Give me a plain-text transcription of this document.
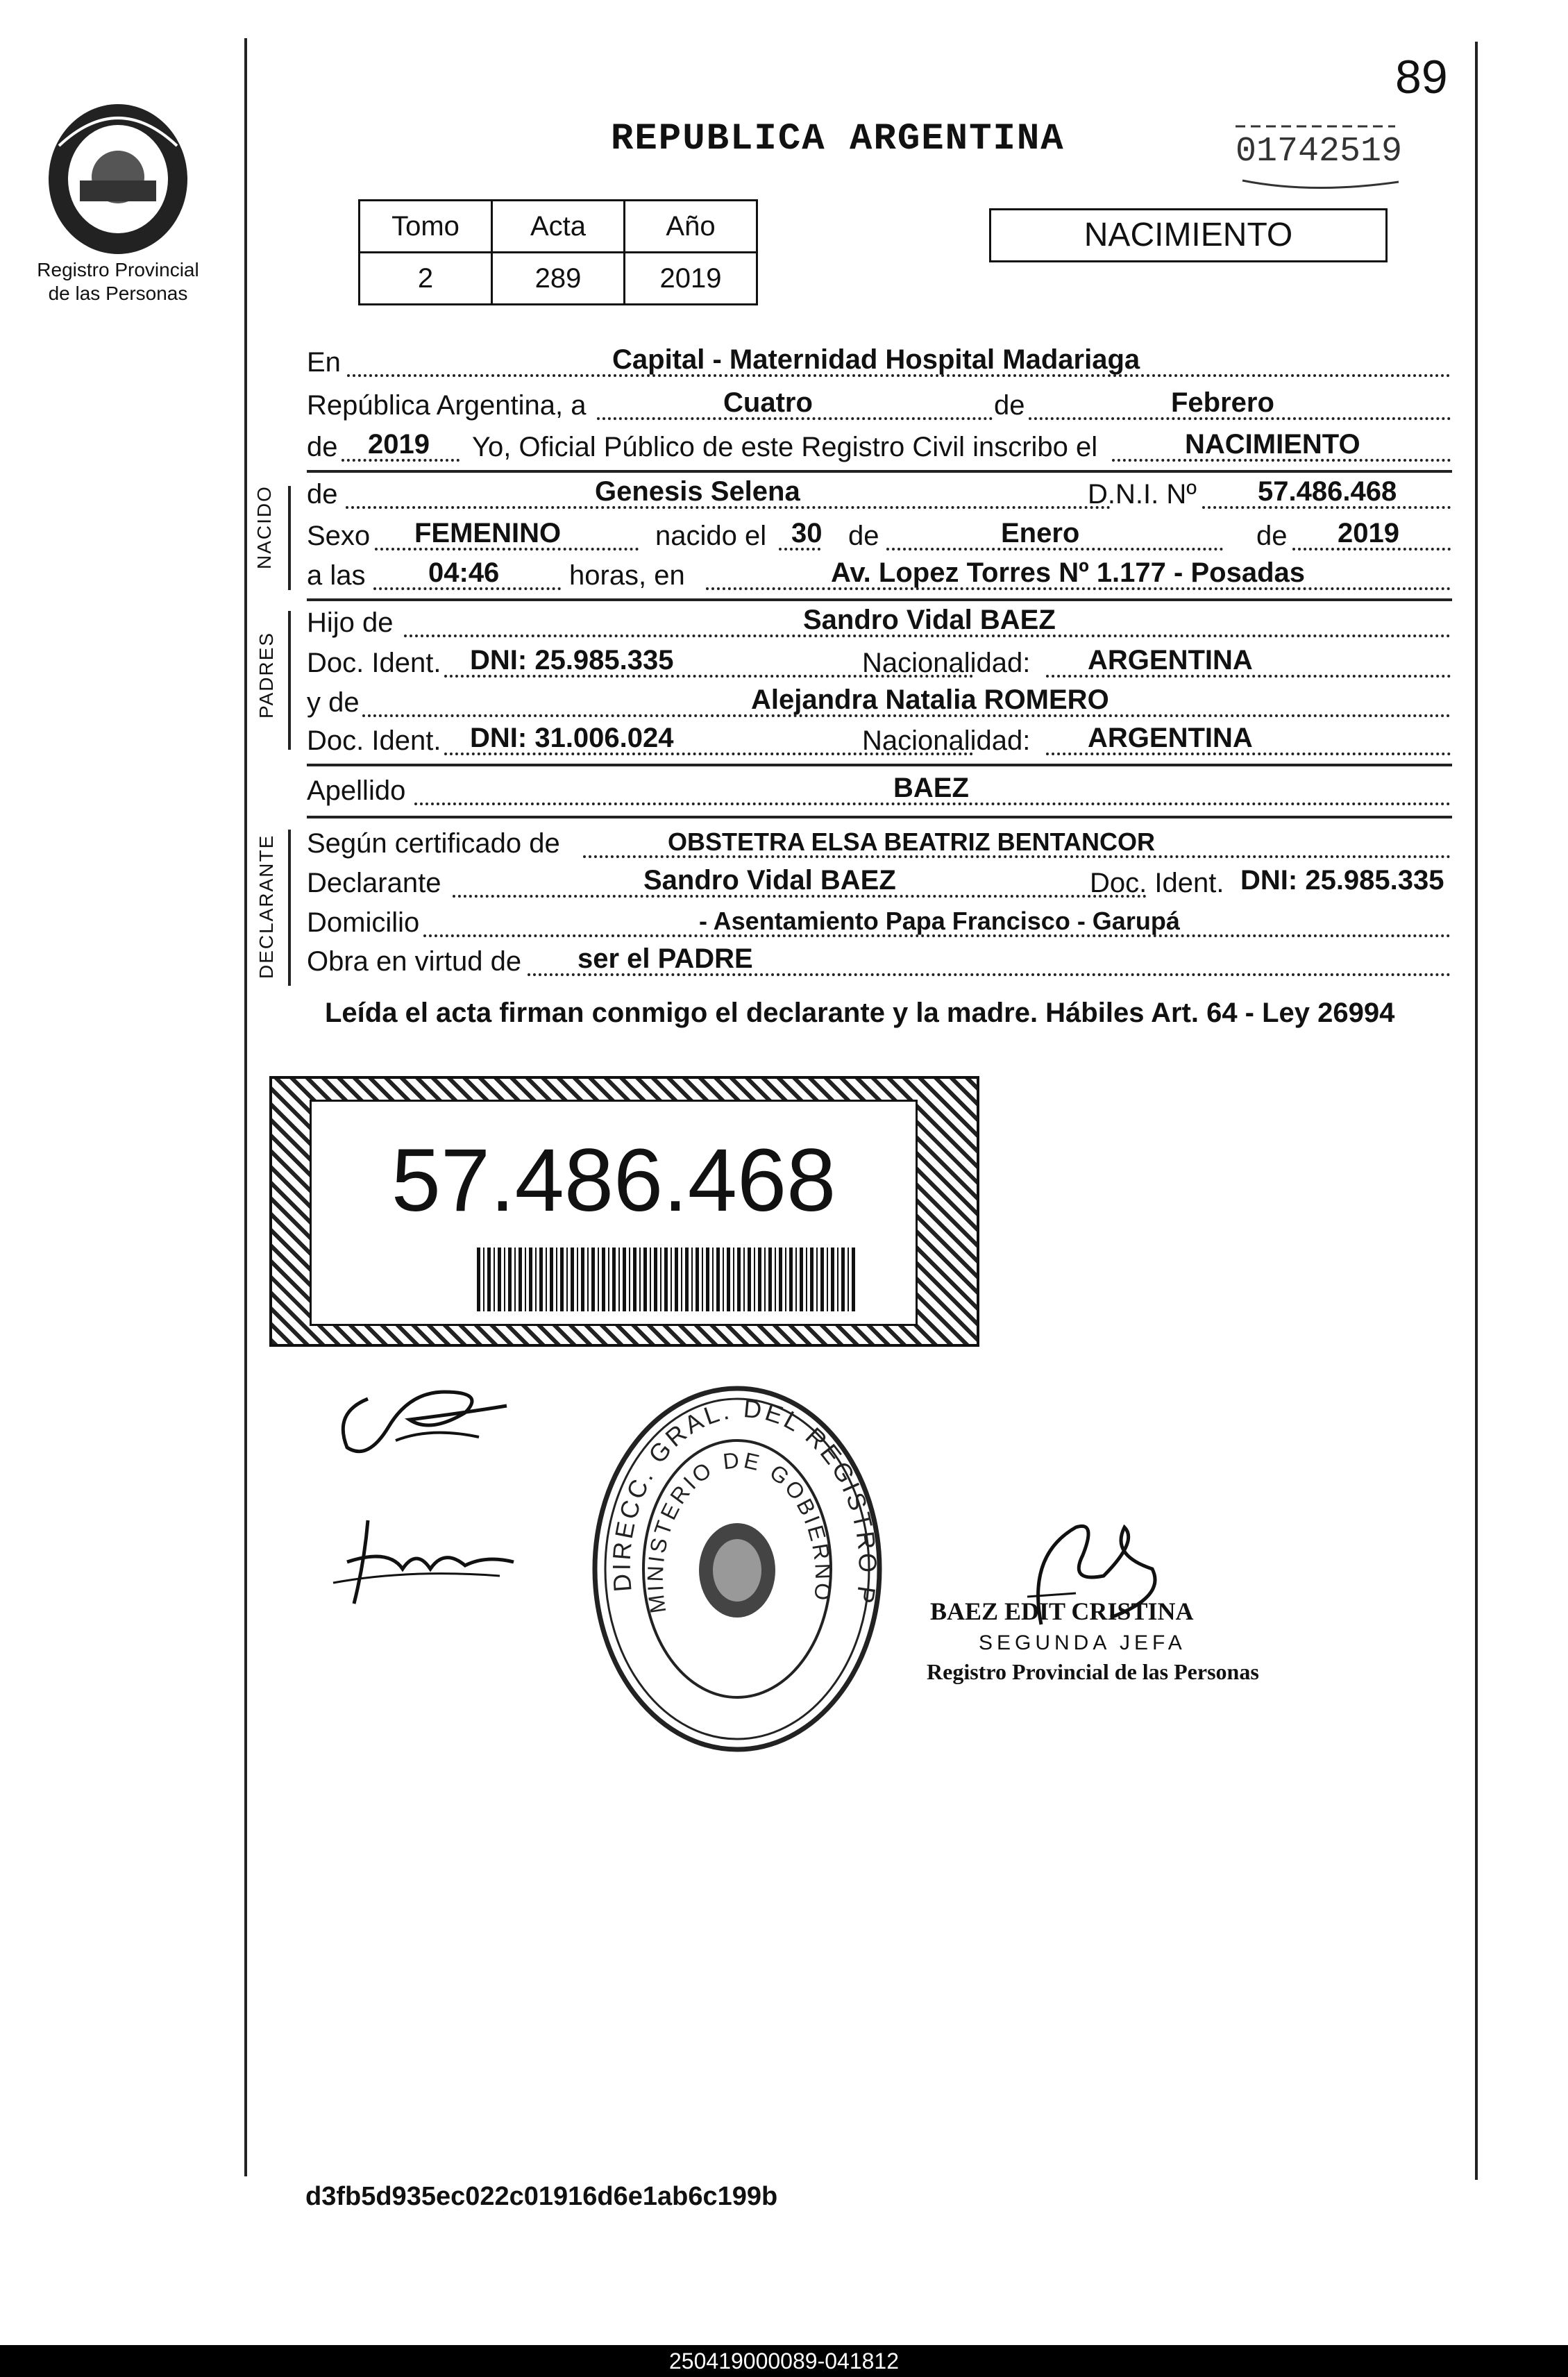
Registro Provincial
de las Personas
89
REPUBLICA ARGENTINA	01742519
Tomo	Acta	Año
2	289	2019
NACIMIENTO
En	Capital - Maternidad Hospital Madariaga
República Argentina, a	Cuatro	de	Febrero
de 2019 Yo, Oficial Público de este Registro Civil inscribo el	NACIMIENTO
NACIDO de	Genesis Selena	D.N.I. Nº 57.486.468
Sexo FEMENINO	nacido el 30 de	Enero	de 2019
a las 04:46	horas, en	Av. Lopez Torres Nº 1.177 - Posadas
PADRES
Hijo de	Sandro Vidal BAEZ
Doc. Ident. DNI: 25.985.335	Nacionalidad: ARGENTINA
y de	Alejandra Natalia ROMERO
Doc. Ident. DNI: 31.006.024	Nacionalidad: ARGENTINA
Apellido	BAEZ
DECLARANTE Según certificado de	OBSTETRA ELSA BEATRIZ BENTANCOR
Declarante	Sandro Vidal BAEZ	Doc. Ident. DNI: 25.985.335
Domicilio	- Asentamiento Papa Francisco - Garupá
Obra en virtud de ser el PADRE
Leída el acta firman conmigo el declarante y la madre. Hábiles Art. 64 - Ley 26994
57.486.468
DIRECC. GRAL. DEL REGISTRO P
MINISTERIO DE GOBIERNO
BAEZ EDIT CRISTINA
SEGUNDA JEFA
Registro Provincial de las Personas
d3fb5d935ec022c01916d6e1ab6c199b
250419000089-041812
